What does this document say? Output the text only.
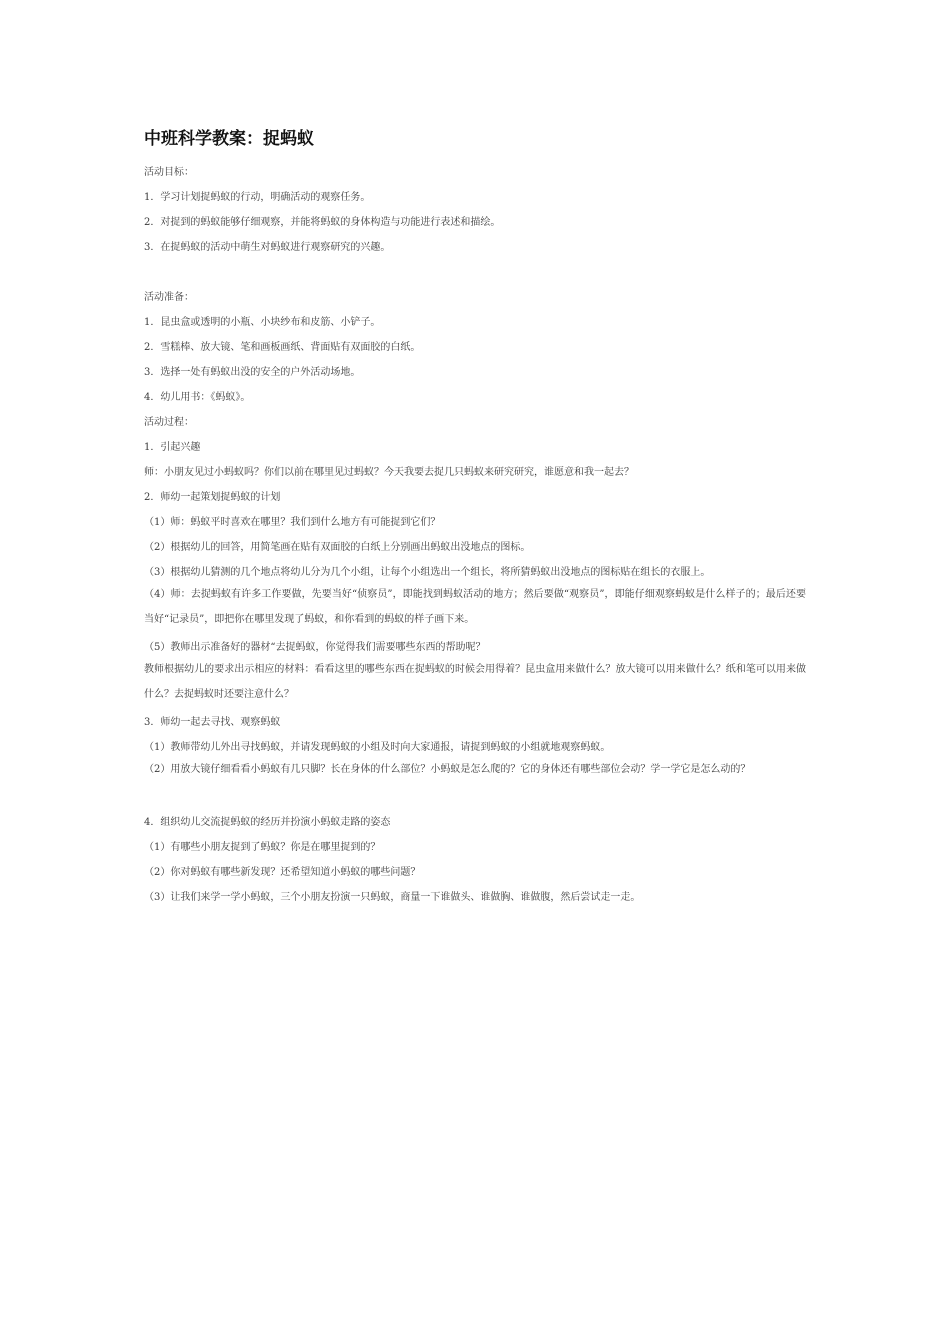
中班科学教案：捉蚂蚁
活动目标：
1．学习计划捉蚂蚁的行动，明确活动的观察任务。
2．对捉到的蚂蚁能够仔细观察，并能将蚂蚁的身体构造与功能进行表述和描绘。
3．在捉蚂蚁的活动中萌生对蚂蚁进行观察研究的兴趣。
活动准备：
1．昆虫盒或透明的小瓶、小块纱布和皮筋、小铲子。
2．雪糕棒、放大镜、笔和画板画纸、背面贴有双面胶的白纸。
3．选择一处有蚂蚁出没的安全的户外活动场地。
4．幼儿用书：《蚂蚁》。
活动过程：
1．引起兴趣
师：小朋友见过小蚂蚁吗？你们以前在哪里见过蚂蚁？今天我要去捉几只蚂蚁来研究研究，谁愿意和我一起去？
2．师幼一起策划捉蚂蚁的计划
（1）师：蚂蚁平时喜欢在哪里？我们到什么地方有可能捉到它们？
（2）根据幼儿的回答，用简笔画在贴有双面胶的白纸上分别画出蚂蚁出没地点的图标。
（3）根据幼儿猜测的几个地点将幼儿分为几个小组，让每个小组选出一个组长，将所猜蚂蚁出没地点的图标贴在组长的衣服上。
（4）师：去捉蚂蚁有许多工作要做，先要当好“侦察员”，即能找到蚂蚁活动的地方；然后要做“观察员”，即能仔细观察蚂蚁是什么样子的；最后还要当好“记录员”，即把你在哪里发现了蚂蚁，和你看到的蚂蚁的样子画下来。
（5）教师出示准备好的器材“去捉蚂蚁，你觉得我们需要哪些东西的帮助呢？
教师根据幼儿的要求出示相应的材料：看看这里的哪些东西在捉蚂蚁的时候会用得着？昆虫盒用来做什么？放大镜可以用来做什么？纸和笔可以用来做什么？去捉蚂蚁时还要注意什么？
3．师幼一起去寻找、观察蚂蚁
（1）教师带幼儿外出寻找蚂蚁，并请发现蚂蚁的小组及时向大家通报，请捉到蚂蚁的小组就地观察蚂蚁。
（2）用放大镜仔细看看小蚂蚁有几只脚？长在身体的什么部位？小蚂蚁是怎么爬的？它的身体还有哪些部位会动？学一学它是怎么动的？
4．组织幼儿交流捉蚂蚁的经历并扮演小蚂蚁走路的姿态
（1）有哪些小朋友捉到了蚂蚁？你是在哪里捉到的？
（2）你对蚂蚁有哪些新发现？还希望知道小蚂蚁的哪些问题？
（3）让我们来学一学小蚂蚁，三个小朋友扮演一只蚂蚁，商量一下谁做头、谁做胸、谁做腹，然后尝试走一走。
